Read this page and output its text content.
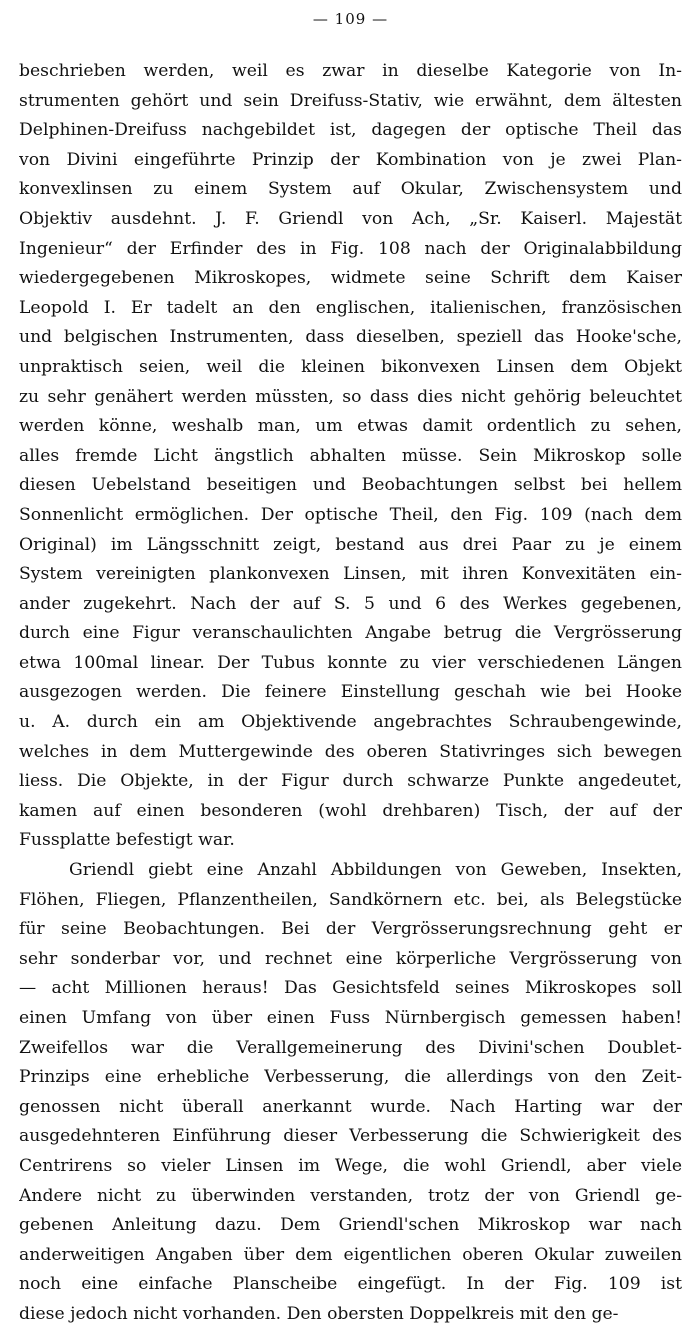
— 109 —
beschrieben werden, weil es zwar in dieselbe Kategorie von In-
strumenten gehört und sein Dreifuss-Stativ, wie erwähnt, dem ältesten
Delphinen-Dreifuss nachgebildet ist, dagegen der optische Theil das
von Divini eingeführte Prinzip der Kombination von je zwei Plan-
konvexlinsen zu einem System auf Okular, Zwischensystem und
Objektiv ausdehnt. J. F. Griendl von Ach, „Sr. Kaiserl. Majestät
Ingenieur“ der Erfinder des in Fig. 108 nach der Originalabbildung
wiedergegebenen Mikroskopes, widmete seine Schrift dem Kaiser
Leopold I. Er tadelt an den englischen, italienischen, französischen
und belgischen Instrumenten, dass dieselben, speziell das Hooke'sche,
unpraktisch seien, weil die kleinen bikonvexen Linsen dem Objekt
zu sehr genähert werden müssten, so dass dies nicht gehörig beleuchtet
werden könne, weshalb man, um etwas damit ordentlich zu sehen,
alles fremde Licht ängstlich abhalten müsse. Sein Mikroskop solle
diesen Uebelstand beseitigen und Beobachtungen selbst bei hellem
Sonnenlicht ermöglichen. Der optische Theil, den Fig. 109 (nach dem
Original) im Längsschnitt zeigt, bestand aus drei Paar zu je einem
System vereinigten plankonvexen Linsen, mit ihren Konvexitäten ein-
ander zugekehrt. Nach der auf S. 5 und 6 des Werkes gegebenen,
durch eine Figur veranschaulichten Angabe betrug die Vergrösserung
etwa 100mal linear. Der Tubus konnte zu vier verschiedenen Längen
ausgezogen werden. Die feinere Einstellung geschah wie bei Hooke
u. A. durch ein am Objektivende angebrachtes Schraubengewinde,
welches in dem Muttergewinde des oberen Stativringes sich bewegen
liess. Die Objekte, in der Figur durch schwarze Punkte angedeutet,
kamen auf einen besonderen (wohl drehbaren) Tisch, der auf der
Fussplatte befestigt war.
Griendl giebt eine Anzahl Abbildungen von Geweben, Insekten,
Flöhen, Fliegen, Pflanzentheilen, Sandkörnern etc. bei, als Belegstücke
für seine Beobachtungen. Bei der Vergrösserungsrechnung geht er
sehr sonderbar vor, und rechnet eine körperliche Vergrösserung von
— acht Millionen heraus! Das Gesichtsfeld seines Mikroskopes soll
einen Umfang von über einen Fuss Nürnbergisch gemessen haben!
Zweifellos war die Verallgemeinerung des Divini'schen Doublet-
Prinzips eine erhebliche Verbesserung, die allerdings von den Zeit-
genossen nicht überall anerkannt wurde. Nach Harting war der
ausgedehnteren Einführung dieser Verbesserung die Schwierigkeit des
Centrirens so vieler Linsen im Wege, die wohl Griendl, aber viele
Andere nicht zu überwinden verstanden, trotz der von Griendl ge-
gebenen Anleitung dazu. Dem Griendl'schen Mikroskop war nach
anderweitigen Angaben über dem eigentlichen oberen Okular zuweilen
noch eine einfache Planscheibe eingefügt. In der Fig. 109 ist
diese jedoch nicht vorhanden. Den obersten Doppelkreis mit den ge-
